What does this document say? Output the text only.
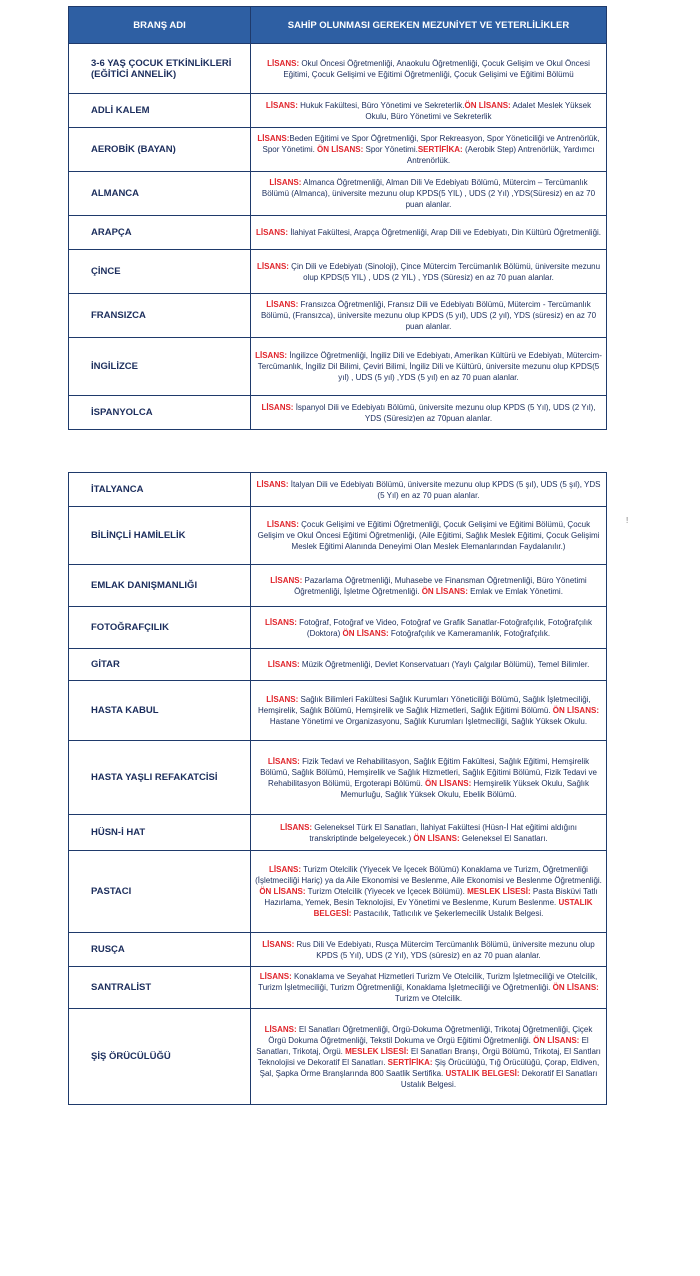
BRANŞ ADI	SAHİP OLUNMASI GEREKEN MEZUNİYET VE YETERLİLİKLER
3-6 YAŞ ÇOCUK ETKİNLİKLERİ (EĞİTİCİ ANNELİK)	LİSANS: Okul Öncesi Öğretmenliği, Anaokulu Öğretmenliği, Çocuk Gelişim ve Okul Öncesi Eğitimi, Çocuk Gelişimi ve Eğitimi Öğretmenliği, Çocuk Gelişimi ve Eğitimi Bölümü
ADLİ KALEM	LİSANS: Hukuk Fakültesi, Büro Yönetimi ve Sekreterlik.ÖN LİSANS: Adalet Meslek Yüksek Okulu, Büro Yönetimi ve Sekreterlik
AEROBİK (BAYAN)	LİSANS:Beden Eğitimi ve Spor Öğretmenliği, Spor Rekreasyon, Spor Yöneticiliği ve Antrenörlük, Spor Yönetimi. ÖN LİSANS: Spor Yönetimi.SERTİFİKA: (Aerobik Step) Antrenörlük, Yardımcı Antrenörlük.
ALMANCA	LİSANS: Almanca Öğretmenliği, Alman Dili Ve Edebiyatı Bölümü, Mütercim – Tercümanlık Bölümü (Almanca), üniversite mezunu olup KPDS(5 YIL) , UDS (2 Yıl) ,YDS(Süresiz) en az 70 puan alanlar.
ARAPÇA	LİSANS: İlahiyat Fakültesi, Arapça Öğretmenliği, Arap Dili ve Edebiyatı, Din Kültürü Öğretmenliği.
ÇİNCE	LİSANS: Çin Dili ve Edebiyatı (Sinoloji), Çince Mütercim Tercümanlık Bölümü, üniversite mezunu olup KPDS(5 YIL) , UDS (2 YIL) , YDS (Süresiz) en az 70 puan alanlar.
FRANSIZCA	LİSANS: Fransızca Öğretmenliği, Fransız Dili ve Edebiyatı Bölümü, Mütercim - Tercümanlık Bölümü, (Fransızca), üniversite mezunu olup KPDS (5 yıl), UDS (2 yıl), YDS (süresiz) en az 70 puan alanlar.
İNGİLİZCE	LİSANS: İngilizce Öğretmenliği, İngiliz Dili ve Edebiyatı, Amerikan Kültürü ve Edebiyatı, Mütercim-Tercümanlık, İngiliz Dil Bilimi, Çeviri Bilimi, İngiliz Dili ve Kültürü, üniversite mezunu olup KPDS(5 yıl) , UDS (5 yıl) ,YDS (5 yıl) en az 70 puan alanlar.
İSPANYOLCA	LİSANS: İspanyol Dili ve Edebiyatı Bölümü, üniversite mezunu olup KPDS (5 Yıl), UDS (2 Yıl), YDS (Süresiz)en az 70puan alanlar.
İTALYANCA	LİSANS: İtalyan Dili ve Edebiyatı Bölümü, üniversite mezunu olup KPDS (5 şıl), UDS (5 şıl), YDS (5 Yıl) en az 70 puan alanlar.
BİLİNÇLİ HAMİLELİK	LİSANS: Çocuk Gelişimi ve Eğitimi Öğretmenliği, Çocuk Gelişimi ve Eğitimi Bölümü, Çocuk Gelişim ve Okul Öncesi Eğitimi Öğretmenliği, (Aile Eğitimi, Sağlık Meslek Eğitimi, Çocuk Gelişimi Meslek Eğitimi Alanında Deneyimi Olan Meslek Elemanlarından Faydalanılır.)
EMLAK DANIŞMANLIĞI	LİSANS: Pazarlama Öğretmenliği, Muhasebe ve Finansman Öğretmenliği, Büro Yönetimi Öğretmenliği, İşletme Öğretmenliği. ÖN LİSANS: Emlak ve Emlak Yönetimi.
FOTOĞRAFÇILIK	LİSANS: Fotoğraf, Fotoğraf ve Video, Fotoğraf ve Grafik Sanatlar-Fotoğrafçılık, Fotoğrafçılık (Doktora) ÖN LİSANS: Fotoğrafçılık ve Kameramanlık, Fotoğrafçılık.
GİTAR	LİSANS: Müzik Öğretmenliği, Devlet Konservatuarı (Yaylı Çalgılar Bölümü), Temel Bilimler.
HASTA KABUL	LİSANS: Sağlık Bilimleri Fakültesi Sağlık Kurumları Yöneticiliği Bölümü, Sağlık İşletmeciliği, Hemşirelik, Sağlık Bölümü, Hemşirelik ve Sağlık Hizmetleri, Sağlık Eğitimi Bölümü. ÖN LİSANS: Hastane Yönetimi ve Organizasyonu, Sağlık Kurumları İşletmeciliği, Sağlık Yüksek Okulu.
HASTA YAŞLI REFAKATCİSİ	LİSANS: Fizik Tedavi ve Rehabilitasyon, Sağlık Eğitim Fakültesi, Sağlık Eğitimi, Hemşirelik Bölümü, Sağlık Bölümü, Hemşirelik ve Sağlık Hizmetleri, Sağlık Eğitimi Bölümü, Fizik Tedavi ve Rehabilitasyon Bölümü, Ergoterapi Bölümü. ÖN LİSANS: Hemşirelik Yüksek Okulu, Sağlık Memurluğu, Sağlık Yüksek Okulu, Ebelik Bölümü.
HÜSN-İ HAT	LİSANS: Geleneksel Türk El Sanatları, İlahiyat Fakültesi (Hüsn-İ Hat eğitimi aldığını transkriptinde belgeleyecek.) ÖN LİSANS: Geleneksel El Sanatları.
PASTACI	LİSANS: Turizm Otelcilik (Yiyecek Ve İçecek Bölümü) Konaklama ve Turizm, Öğretmenliği (İşletmeciliği Hariç) ya da Aile Ekonomisi ve Beslenme, Aile Ekonomisi ve Beslenme Öğretmenliği. ÖN LİSANS: Turizm Otelcilik (Yiyecek ve İçecek Bölümü). MESLEK LİSESİ: Pasta Bisküvi Tatlı Hazırlama, Yemek, Besin Teknolojisi, Ev Yönetimi ve Beslenme, Kurum Beslenme. USTALIK BELGESİ: Pastacılık, Tatlıcılık ve Şekerlemecilik Ustalık Belgesi.
RUSÇA	LİSANS: Rus Dili Ve Edebiyatı, Rusça Mütercim Tercümanlık Bölümü, üniversite mezunu olup KPDS (5 Yıl), UDS (2 Yıl), YDS (süresiz) en az 70 puan alanlar.
SANTRALİST	LİSANS: Konaklama ve Seyahat Hizmetleri Turizm Ve Otelcilik, Turizm İşletmeciliği ve Otelcilik, Turizm İşletmeciliği, Turizm Öğretmenliği, Konaklama İşletmeciliği ve Öğretmenliği. ÖN LİSANS: Turizm ve Otelcilik.
ŞİŞ ÖRÜCÜLÜĞÜ	LİSANS: El Sanatları Öğretmenliği, Örgü-Dokuma Öğretmenliği, Trikotaj Öğretmenliği, Çiçek Örgü Dokuma Öğretmenliği, Tekstil Dokuma ve Örgü Eğitimi Öğretmenliği. ÖN LİSANS: El Sanatları, Trikotaj, Örgü. MESLEK LİSESİ: El Sanatları Branşı, Örgü Bölümü, Trikotaj, El Santları Teknolojisi ve Dekoratif El Sanatları. SERTİFİKA: Şiş Örücülüğü, Tığ Örücülüğü, Çorap, Eldiven, Şal, Şapka Örme Branşlarında 800 Saatlik Sertifika. USTALIK BELGESİ: Dekoratif El Sanatları Ustalık Belgesi.
!
